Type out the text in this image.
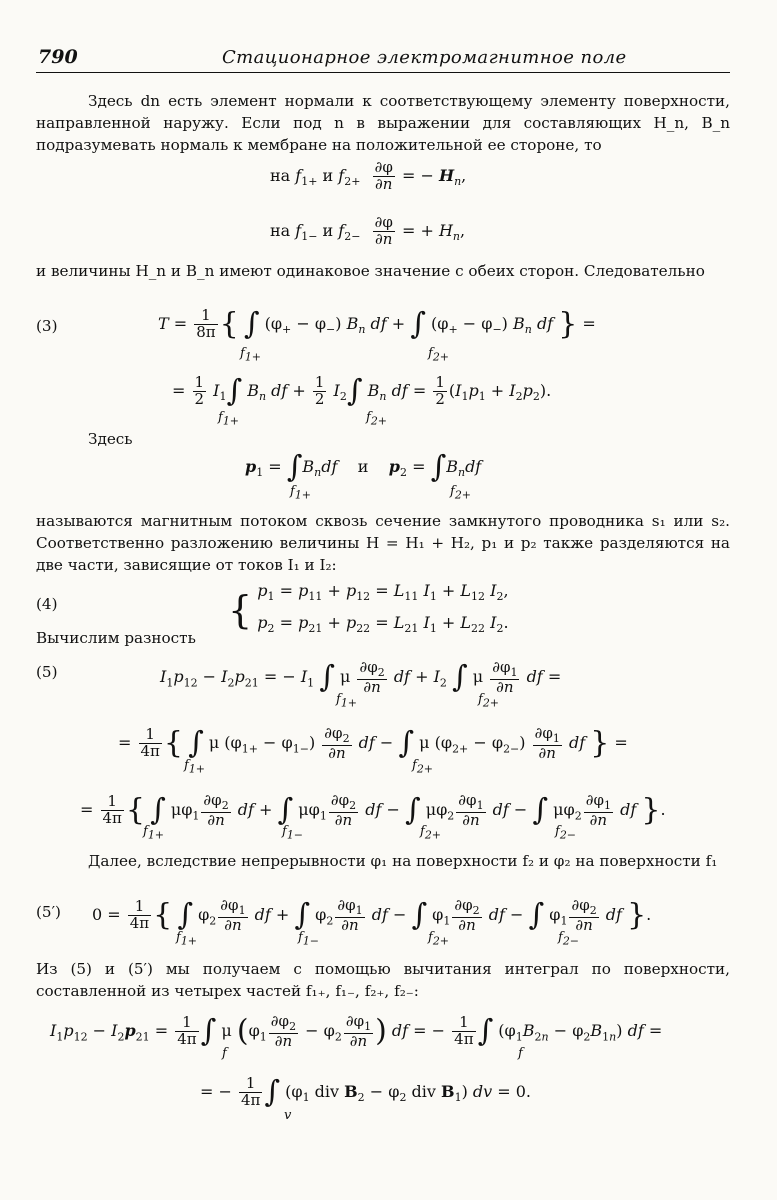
790	Стационарное электромагнитное поле
Здесь dn есть элемент нормали к соответствующему элементу поверхности, направленной наружу. Если под n в выражении для составляющих H_n, B_n подразумевать нормаль к мембране на положительной ее стороне, то
на $f_{1+}$ и $f_{2+} \frac{\partial\varphi}{\partial n}$ = − $H_n$,
на $f_{1-}$ и $f_{2-} \frac{\partial\varphi}{\partial n}$ = + $H_n$,
и величины H_n и B_n имеют одинаковое значение с обеих сторон. Следовательно
(3)	$T = \frac{1}{8\pi}$ { ∫ $(\varphi_+ - \varphi_-)$ $B_n$ df + ∫ $(\varphi_+ - \varphi_-)$ $B_n$ df } =
$f_{1+}$	$f_{2+}$
= $\frac{1}{2} I_1\int$ $B_n$ df + $\frac{1}{2} I_2\int$ $B_n$ df = $\frac{1}{2} (I_1p_1 + I_2p_2)$.
$f_{1+}$	$f_{2+}$
Здесь
$p_1 = \int B_ndf$ и $p_2 = \int B_ndf$
$f_{1+}$	$f_{2+}$
называются магнитным потоком сквозь сечение замкнутого проводника s₁ или s₂. Соответственно разложению величины H = H₁ + H₂, p₁ и p₂ также разделяются на две части, зависящие от токов I₁ и I₂:
(4)	{ $p_1 = p_{11} + p_{12} = L_{11}$ $I_1 + L_{12}$ $I_2$,
$p_2 = p_{21} + p_{22} = L_{21}$ $I_1 + L_{22}$ $I_2$.
Вычислим разность
(5)	$I_1p_{12} - I_2p_{21}$ = − $I_1$ ∫ μ $\frac{\partial\varphi_2}{\partial n}$ df + $I_2$ ∫ μ $\frac{\partial\varphi_1}{\partial n}$ df =
$f_{1+}$	$f_{2+}$
= $\frac{1}{4\pi}$ { ∫ μ $(\varphi_{1+} - \varphi_{1-}) \frac{\partial\varphi_2}{\partial n}$ df − ∫ μ $(\varphi_{2+} - \varphi_{2-}) \frac{\partial\varphi_1}{\partial n}$ df } =
$f_{1+}$	$f_{2+}$
= $\frac{1}{4\pi}$ { ∫ $\mu\varphi_1 \frac{\partial\varphi_2}{\partial n}$ df + ∫ $\mu\varphi_1 \frac{\partial\varphi_2}{\partial n}$ df − ∫ $\mu\varphi_2 \frac{\partial\varphi_1}{\partial n}$ df − ∫ $\mu\varphi_2 \frac{\partial\varphi_1}{\partial n}$ df }.
$f_{1+}$	$f_{1-}$	$f_{2+}$	$f_{2-}$
Далее, вследствие непрерывности φ₁ на поверхности f₂ и φ₂ на поверхности f₁
(5′) $0 = \frac{1}{4\pi}$ { ∫ $\varphi_2 \frac{\partial\varphi_1}{\partial n}$ df + ∫ $\varphi_2 \frac{\partial\varphi_1}{\partial n}$ df − ∫ $\varphi_1 \frac{\partial\varphi_2}{\partial n}$ df − ∫ $\varphi_1 \frac{\partial\varphi_2}{\partial n}$ df }.
$f_{1+}$	$f_{1-}$	$f_{2+}$	$f_{2-}$
Из (5) и (5′) мы получаем с помощью вычитания интеграл по поверхности, составленной из четырех частей f₁₊, f₁₋, f₂₊, f₂₋:
$I_1p_{12} - I_2p_{21} = \frac{1}{4\pi}$ ∫ μ ($\varphi_1 \frac{\partial\varphi_2}{\partial n} - \varphi_2 \frac{\partial\varphi_1}{\partial n}$ ) df = − $\frac{1}{4\pi}$ ∫ $(\varphi_1B_{2n} - \varphi_2B_{1n})$ df =
f	f
= − $\frac{1}{4\pi}$ ∫ ($\varphi_1$ div $B_2 - \varphi_2$ div $B_1$) dv = 0.
v
